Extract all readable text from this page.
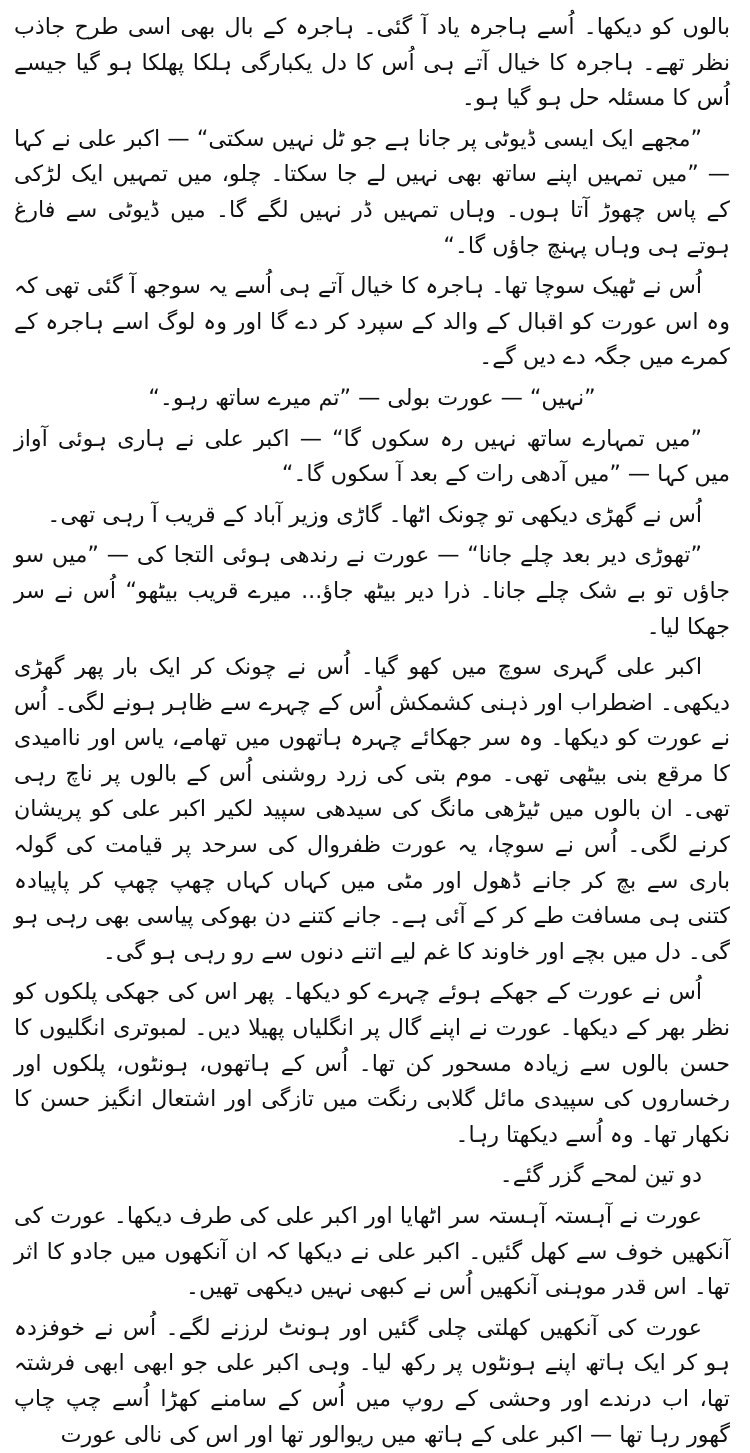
بالوں کو دیکھا۔ اُسے ہاجرہ یاد آ گئی۔ ہاجرہ کے بال بھی اسی طرح جاذب نظر تھے۔ ہاجرہ کا خیال آتے ہی اُس کا دل یکبارگی ہلکا پھلکا ہو گیا جیسے اُس کا مسئلہ حل ہو گیا ہو۔

”مجھے ایک ایسی ڈیوٹی پر جانا ہے جو ٹل نہیں سکتی“ — اکبر علی نے کہا — ”میں تمہیں اپنے ساتھ بھی نہیں لے جا سکتا۔ چلو، میں تمہیں ایک لڑکی کے پاس چھوڑ آتا ہوں۔ وہاں تمہیں ڈر نہیں لگے گا۔ میں ڈیوٹی سے فارغ ہوتے ہی وہاں پہنچ جاؤں گا۔“

اُس نے ٹھیک سوچا تھا۔ ہاجرہ کا خیال آتے ہی اُسے یہ سوجھ آ گئی تھی کہ وہ اس عورت کو اقبال کے والد کے سپرد کر دے گا اور وہ لوگ اسے ہاجرہ کے کمرے میں جگہ دے دیں گے۔

”نہیں“ — عورت بولی — ”تم میرے ساتھ رہو۔“

”میں تمہارے ساتھ نہیں رہ سکوں گا“ — اکبر علی نے ہاری ہوئی آواز میں کہا — ”میں آدھی رات کے بعد آ سکوں گا۔“

اُس نے گھڑی دیکھی تو چونک اٹھا۔ گاڑی وزیر آباد کے قریب آ رہی تھی۔

”تھوڑی دیر بعد چلے جانا“ — عورت نے رندھی ہوئی التجا کی — ”میں سو جاؤں تو بے شک چلے جانا۔ ذرا دیر بیٹھ جاؤ... میرے قریب بیٹھو“ اُس نے سر جھکا لیا۔

اکبر علی گہری سوچ میں کھو گیا۔ اُس نے چونک کر ایک بار پھر گھڑی دیکھی۔ اضطراب اور ذہنی کشمکش اُس کے چہرے سے ظاہر ہونے لگی۔ اُس نے عورت کو دیکھا۔ وہ سر جھکائے چہرہ ہاتھوں میں تھامے، یاس اور ناامیدی کا مرقع بنی بیٹھی تھی۔ موم بتی کی زرد روشنی اُس کے بالوں پر ناچ رہی تھی۔ ان بالوں میں ٹیڑھی مانگ کی سیدھی سپید لکیر اکبر علی کو پریشان کرنے لگی۔ اُس نے سوچا، یہ عورت ظفروال کی سرحد پر قیامت کی گولہ باری سے بچ کر جانے ڈھول اور مٹی میں کہاں کہاں چھپ چھپ کر پاپیادہ کتنی ہی مسافت طے کر کے آئی ہے۔ جانے کتنے دن بھوکی پیاسی بھی رہی ہو گی۔ دل میں بچے اور خاوند کا غم لیے اتنے دنوں سے رو رہی ہو گی۔

اُس نے عورت کے جھکے ہوئے چہرے کو دیکھا۔ پھر اس کی جھکی پلکوں کو نظر بھر کے دیکھا۔ عورت نے اپنے گال پر انگلیاں پھیلا دیں۔ لمبوتری انگلیوں کا حسن بالوں سے زیادہ مسحور کن تھا۔ اُس کے ہاتھوں، ہونٹوں، پلکوں اور رخساروں کی سپیدی مائل گلابی رنگت میں تازگی اور اشتعال انگیز حسن کا نکھار تھا۔ وہ اُسے دیکھتا رہا۔

دو تین لمحے گزر گئے۔

عورت نے آہستہ آہستہ سر اٹھایا اور اکبر علی کی طرف دیکھا۔ عورت کی آنکھیں خوف سے کھل گئیں۔ اکبر علی نے دیکھا کہ ان آنکھوں میں جادو کا اثر تھا۔ اس قدر موہنی آنکھیں اُس نے کبھی نہیں دیکھی تھیں۔

عورت کی آنکھیں کھلتی چلی گئیں اور ہونٹ لرزنے لگے۔ اُس نے خوفزدہ ہو کر ایک ہاتھ اپنے ہونٹوں پر رکھ لیا۔ وہی اکبر علی جو ابھی ابھی فرشتہ تھا، اب درندے اور وحشی کے روپ میں اُس کے سامنے کھڑا اُسے چپ چاپ گھور رہا تھا — اکبر علی کے ہاتھ میں ریوالور تھا اور اس کی نالی عورت
